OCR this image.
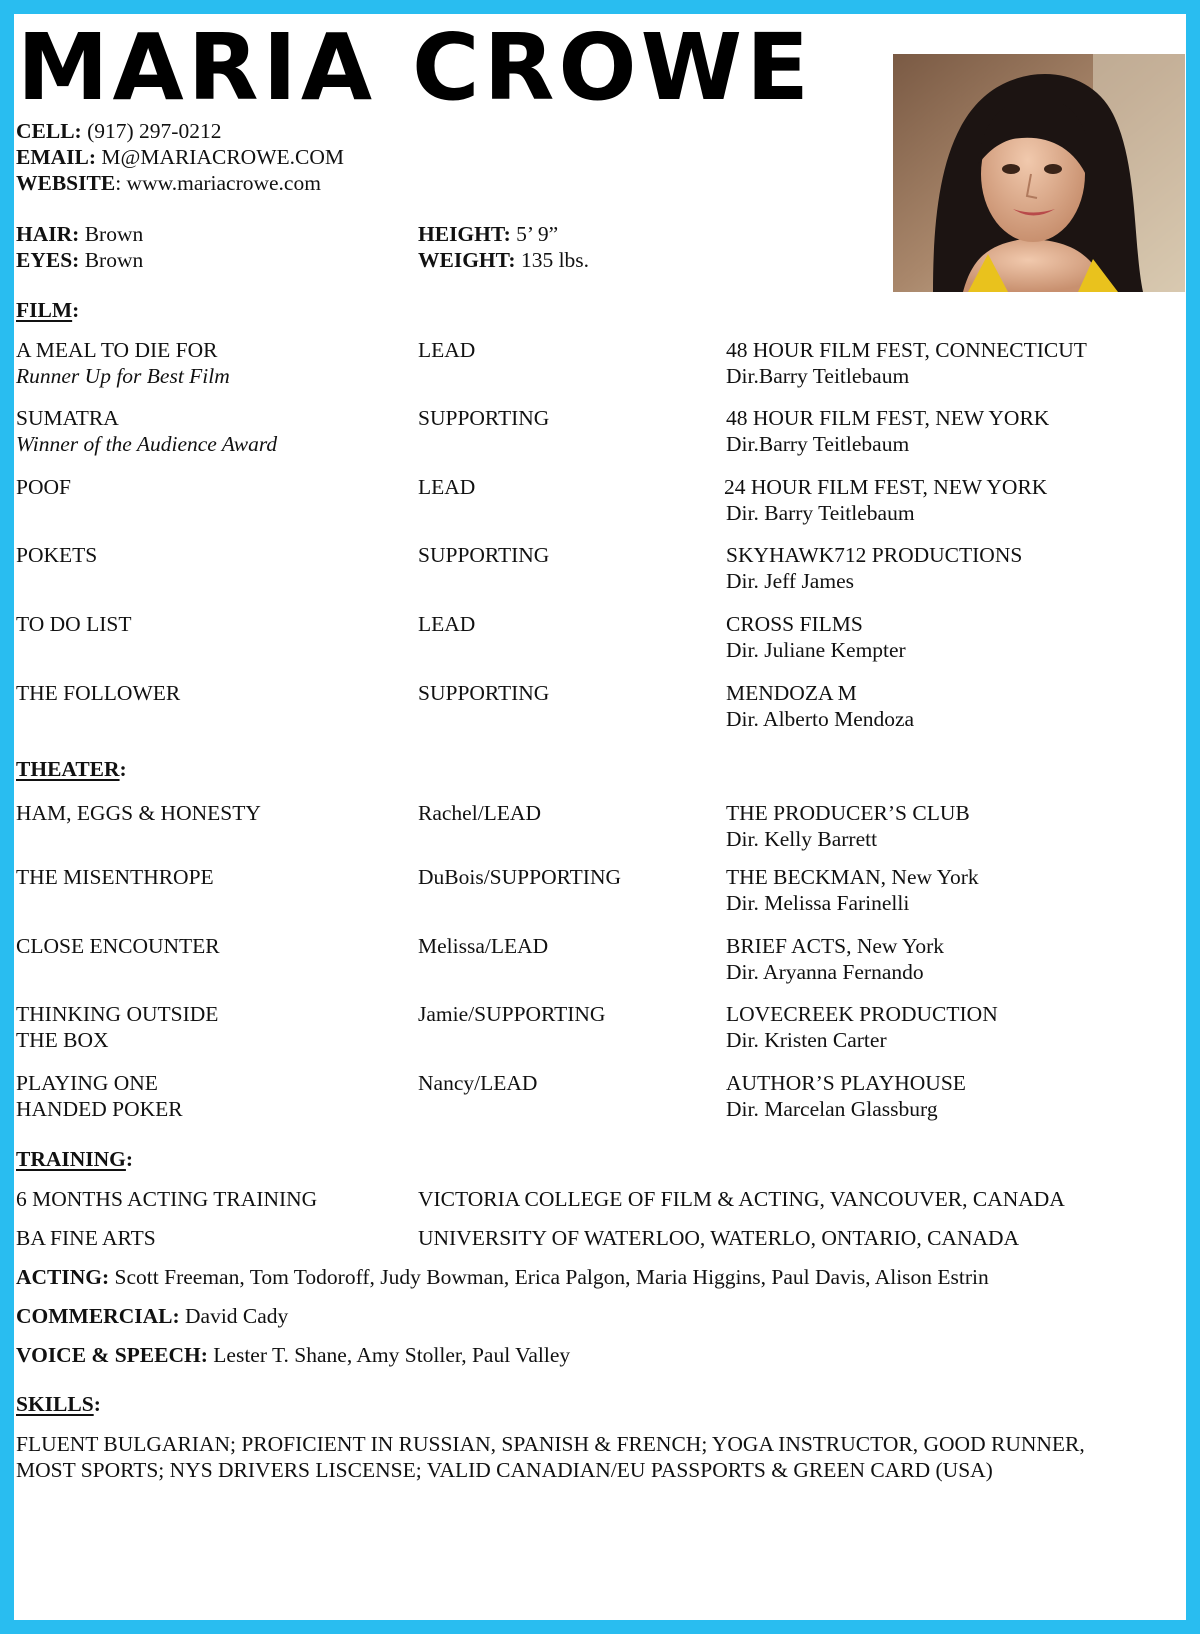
MARIA CROWE
CELL: (917) 297-0212
EMAIL: M@MARIACROWE.COM
WEBSITE: www.mariacrowe.com
HAIR: Brown
EYES: Brown
HEIGHT: 5’ 9”
WEIGHT: 135 lbs.
FILM:
A MEAL TO DIE FOR
Runner Up for Best Film
LEAD	48 HOUR FILM FEST, CONNECTICUT
Dir.Barry Teitlebaum
SUMATRA
Winner of the Audience Award
SUPPORTING	48 HOUR FILM FEST, NEW YORK
Dir.Barry Teitlebaum
POOF	LEAD	24 HOUR FILM FEST, NEW YORK
Dir. Barry Teitlebaum
POKETS	SUPPORTING	SKYHAWK712 PRODUCTIONS
Dir. Jeff James
TO DO LIST	LEAD	CROSS FILMS
Dir. Juliane Kempter
THE FOLLOWER	SUPPORTING	MENDOZA M
Dir. Alberto Mendoza
THEATER:
HAM, EGGS & HONESTY	Rachel/LEAD	THE PRODUCER’S CLUB
Dir. Kelly Barrett
THE MISENTHROPE	DuBois/SUPPORTING	THE BECKMAN, New York
Dir. Melissa Farinelli
CLOSE ENCOUNTER	Melissa/LEAD	BRIEF ACTS, New York
Dir. Aryanna Fernando
THINKING OUTSIDE
THE BOX
Jamie/SUPPORTING	LOVECREEK PRODUCTION
Dir. Kristen Carter
PLAYING ONE
HANDED POKER
Nancy/LEAD	AUTHOR’S PLAYHOUSE
Dir. Marcelan Glassburg
TRAINING:
6 MONTHS ACTING TRAINING	VICTORIA COLLEGE OF FILM & ACTING, VANCOUVER, CANADA
BA FINE ARTS	UNIVERSITY OF WATERLOO, WATERLO, ONTARIO, CANADA
ACTING: Scott Freeman, Tom Todoroff, Judy Bowman, Erica Palgon, Maria Higgins, Paul Davis, Alison Estrin
COMMERCIAL: David Cady
VOICE & SPEECH: Lester T. Shane, Amy Stoller, Paul Valley
SKILLS:
FLUENT BULGARIAN; PROFICIENT IN RUSSIAN, SPANISH & FRENCH; YOGA INSTRUCTOR, GOOD RUNNER,
MOST SPORTS; NYS DRIVERS LISCENSE; VALID CANADIAN/EU PASSPORTS & GREEN CARD (USA)
